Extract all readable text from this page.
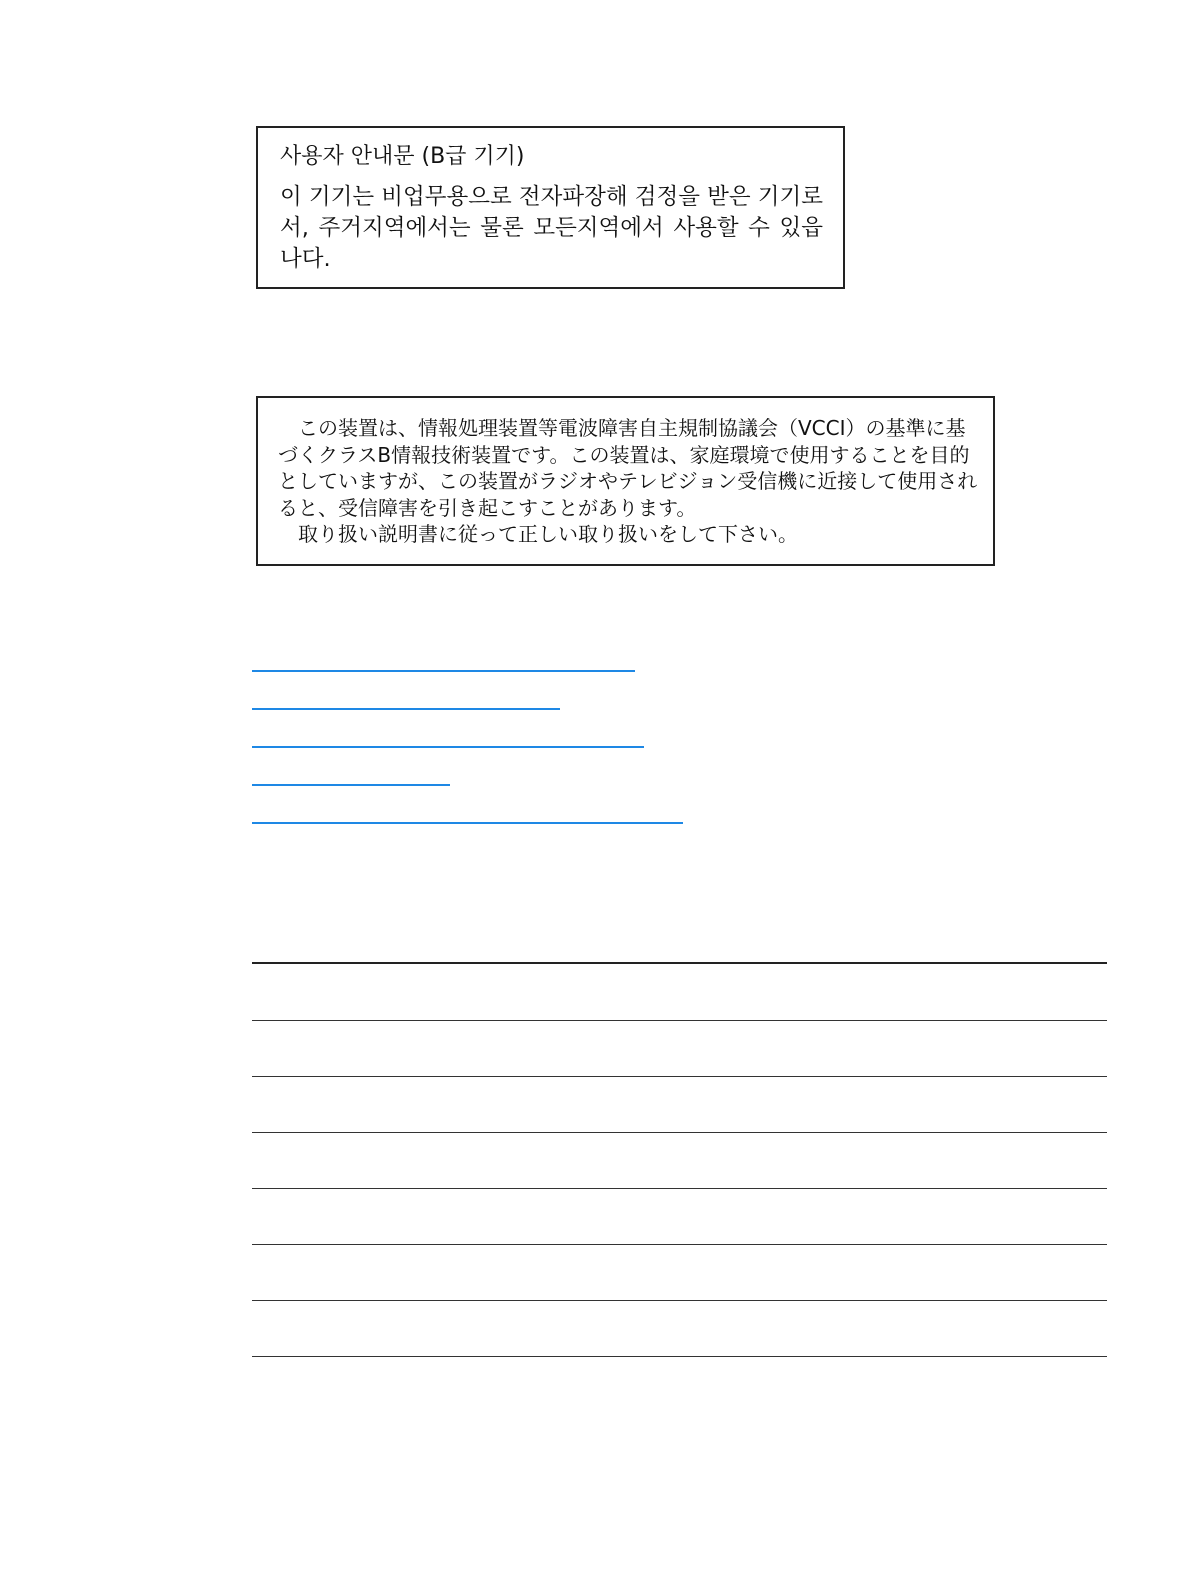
사용자 안내문 (B급 기기)

이 기기는 비업무용으로 전자파장해 검정을 받은 기기로서, 주거지역에서는 물론 모든지역에서 사용할 수 있읍나다.

この装置は、情報処理装置等電波障害自主規制協議会（VCCI）の基準に基づくクラスB情報技術装置です。この装置は、家庭環境で使用することを目的としていますが、この装置がラジオやテレビジョン受信機に近接して使用されると、受信障害を引き起こすことがあります。

取り扱い説明書に従って正しい取り扱いをして下さい。
